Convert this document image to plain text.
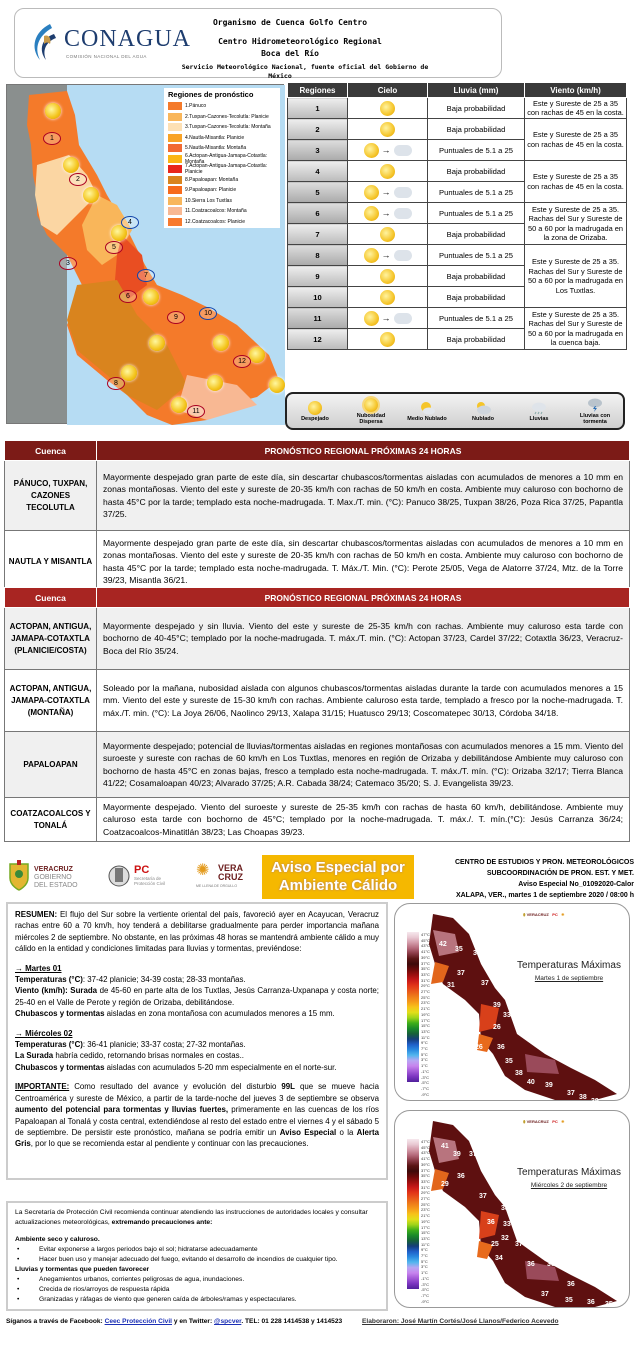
CONAGUA
COMISIÓN NACIONAL DEL AGUA
Organismo de Cuenca Golfo Centro
Centro Hidrometeorológico Regional
Boca del Río
Servicio Meteorológico Nacional, fuente oficial del Gobierno de
México
1
2
3
4
5
6
7
8
9
10
11
12
Regiones de pronóstico
1.Pánuco
2.Tuxpan-Cazones-Tecolutla: Planicie
3.Tuxpan-Cazones-Tecolutla: Montaña
4.Nautla-Misantla: Planicie
5.Nautla-Misantla: Montaña
6.Actopan-Antigua-Jamapa-Cotaxtla: Montaña
7.Actopan-Antigua-Jamapa-Cotaxtla: Planicie
8.Papaloapan: Montaña
9.Papaloapan: Planicie
10.Sierra Los Tuxtlas
11.Coatzacoalcos: Montaña
12.Coatzacoalcos: Planicie
Regiones	Cielo	Lluvia (mm)	Viento (km/h)
1		Baja probabilidad	Este y Sureste de 25 a 35 con rachas de 45 en la costa.
2		Baja probabilidad	Este y Sureste de 25 a 35 con rachas de 45 en la costa.
3	→	Puntuales de 5.1 a 25	
4		Baja probabilidad	Este y Sureste de 25 a 35 con rachas de 45 en la costa.
5	→	Puntuales de 5.1 a 25	
6	→	Puntuales de 5.1 a 25	Este y Sureste de 25 a 35. Rachas del Sur y Sureste de 50 a 60 por la madrugada en la zona de Orizaba.
7		Baja probabilidad	
8	→	Puntuales de 5.1 a 25	Este y Sureste de 25 a 35. Rachas del Sur y Sureste de 50 a 60 por la madrugada en Los Tuxtlas.
9		Baja probabilidad	
10		Baja probabilidad	
11	→	Puntuales de 5.1 a 25	Este y Sureste de 25 a 35. Rachas del Sur y Sureste de 50 a 60 por la madrugada en la cuenca baja.
12		Baja probabilidad	
Despejado	Nubosidad Dispersa	Medio Nublado	Nublado	Lluvias	Lluvias con tormenta
Cuenca	PRONÓSTICO REGIONAL PRÓXIMAS 24 HORAS
PÁNUCO, TUXPAN, CAZONES TECOLUTLA	Mayormente despejado gran parte de este día, sin descartar chubascos/tormentas aisladas con acumulados de menores a 10 mm en zonas montañosas. Viento del este y sureste de 20-35 km/h con rachas de 50 km/h en costa. Ambiente muy caluroso con bochorno de hasta 45°C por la tarde; templado esta noche-madrugada. T. Max./T. min. (°C): Panuco 38/25, Tuxpan 38/26, Poza Rica 37/25, Papantla 37/25.
NAUTLA Y MISANTLA	Mayormente despejado gran parte de este día, sin descartar chubascos/tormentas aisladas con acumulados de menores a 10 mm en zonas montañosas. Viento del este y sureste de 20-35 km/h con rachas de 50 km/h en costa. Ambiente muy caluroso con bochorno de hasta 45°C por la tarde; templado esta noche-madrugada. T. Máx./T. Min. (°C): Perote 25/05, Vega de Alatorre 37/24, Mtz. de la Torre 39/23, Misantla 36/21.
Cuenca	PRONÓSTICO REGIONAL PRÓXIMAS 24 HORAS
ACTOPAN, ANTIGUA, JAMAPA-COTAXTLA (PLANICIE/COSTA)	Mayormente despejado y sin lluvia. Viento del este y sureste de 25-35 km/h con rachas. Ambiente muy caluroso esta tarde con bochorno de 40-45°C; templado por la noche-madrugada. T. máx./T. min. (°C): Actopan 37/23, Cardel 37/22; Cotaxtla 36/23, Veracruz-Boca del Río 35/24.
ACTOPAN, ANTIGUA, JAMAPA-COTAXTLA (MONTAÑA)	Soleado por la mañana, nubosidad aislada con algunos chubascos/tormentas aisladas durante la tarde con acumulados menores a 15 mm. Viento del este y sureste de 15-30 km/h con rachas. Ambiente caluroso esta tarde, templado a fresco por la noche-madrugada. T. máx./T. min. (°C): La Joya 26/06, Naolinco 29/13, Xalapa 31/15; Huatusco 29/13; Coscomatepec 30/13, Córdoba 34/18.
PAPALOAPAN	Mayormente despejado; potencial de lluvias/tormentas aisladas en regiones montañosas con acumulados menores a 15 mm. Viento del suroeste y sureste con rachas de 60 km/h en Los Tuxtlas, menores en región de Orizaba y debilitándose Ambiente muy caluroso con bochorno de hasta 45°C en zonas bajas, fresco a templado esta noche-madrugada. T. máx./T. mín. (°C): Orizaba 32/17; Tierra Blanca 41/22; Cosamaloapan 40/23; Alvarado 37/25; A.R. Cabada 38/24; Catemaco 35/20; S. J. Evangelista 39/23.
COATZACOALCOS Y TONALÁ	Mayormente despejado. Viento del suroeste y sureste de 25-35 km/h con rachas de hasta 60 km/h, debilitándose. Ambiente muy caluroso esta tarde con bochorno de 45°C; templado por la noche-madrugada. T. máx./. T. mín.(°C): Jesús Carranza 36/24; Coatzacoalcos-Minatitlán 38/23; Las Choapas 39/23.
VERACRUZ
GOBIERNO
DEL ESTADO
PC
Secretaría de Protección Civil
✺ VERA CRUZ
ME LLENA DE ORGULLO
Aviso Especial por
Ambiente Cálido
CENTRO DE ESTUDIOS Y PRON. METEOROLÓGICOS
SUBCOORDINACIÓN DE PRON. EST. Y MET.
Aviso Especial No_01092020-Calor
XALAPA, VER., martes 1 de septiembre 2020 / 08:00 h
RESUMEN: El flujo del Sur sobre la vertiente oriental del país, favoreció ayer en Acayucan, Veracruz rachas entre 60 a 70 km/h, hoy tenderá a debilitarse gradualmente para perder importancia mañana miércoles 2 de septiembre. No obstante, en las próximas 48 horas se mantendrá ambiente cálido a muy cálido en la entidad y condiciones limitadas para lluvias y tormentas, previéndose:
→ Martes 01
Temperaturas (°C): 37-42 planicie; 34-39 costa; 28-33 montañas.
Viento (km/h): Surada de 45-60 en parte alta de los Tuxtlas, Jesús Carranza-Uxpanapa y costa norte; 25-40 en el Valle de Perote y región de Orizaba, debilitándose.
Chubascos y tormentas aisladas en zona montañosa con acumulados menores a 15 mm.
→ Miércoles 02
Temperaturas (°C): 36-41 planicie; 33-37 costa; 27-32 montañas.
La Surada habría cedido, retornando brisas normales en costas..
Chubascos y tormentas aisladas con acumulados 5-20 mm especialmente en el norte-sur.
IMPORTANTE: Como resultado del avance y evolución del disturbio 99L que se mueve hacia Centroamérica y sureste de México, a partir de la tarde-noche del jueves 3 de septiembre se observa aumento del potencial para tormentas y lluvias fuertes, primeramente en las cuencas de los ríos Papaloapan al Tonalá y costa central, extendiéndose al resto del estado entre el viernes 4 y el sábado 5 de septiembre. De persistir este pronóstico, mañana se podría emitir un Aviso Especial o la Alerta Gris, por lo que se recomienda estar al pendiente y continuar con las precauciones.
La Secretaría de Protección Civil recomienda continuar atendiendo las instrucciones de autoridades locales y consultar actualizaciones meteorológicas, extremando precauciones ante:
Ambiente seco y caluroso.
• Evitar exponerse a largos periodos bajo el sol; hidratarse adecuadamente
• Hacer buen uso y manejar adecuado del fuego, evitando el desarrollo de incendios de cualquier tipo.
Lluvias y tormentas que pueden favorecer
• Anegamientos urbanos, corrientes peligrosas de agua, inundaciones.
• Crecida de ríos/arroyos de respuesta rápida
• Granizadas y ráfagas de viento que generen caída de árboles/ramas y espectaculares.
Temperaturas Máximas
Martes 1 de septiembre
47°C
45°C
43°C
41°C
39°C
37°C
35°C
33°C
31°C
29°C
27°C
25°C
23°C
21°C
19°C
17°C
15°C
13°C
11°C
9°C
7°C
5°C
3°C
1°C
-1°C
-3°C
-5°C
-7°C
-9°C
⬮ VERACRUZ PC ✺
38
42
35
36
37
31	37
39
33
26
36
26
35
38
40 39
37
38
39
Temperaturas Máximas
Miércoles 2 de septiembre
47°C
45°C
43°C
41°C
39°C
37°C
35°C
33°C
31°C
29°C
27°C
25°C
23°C
21°C
19°C
17°C
15°C
13°C
11°C
9°C
7°C
5°C
3°C
1°C
-1°C
-3°C
-5°C
-7°C
-9°C
⬮ VERACRUZ PC ✺
36
41
39 37
36
29
37
38
36 33
25
32
37
34
36 36
36
37
35 36 35
Síganos a través de Facebook: Ceec Protección Civil y en Twitter: @spcver. TEL: 01 228 1414538 y 1414523	Elaboraron: José Martín Cortés/José Llanos/Federico Acevedo
